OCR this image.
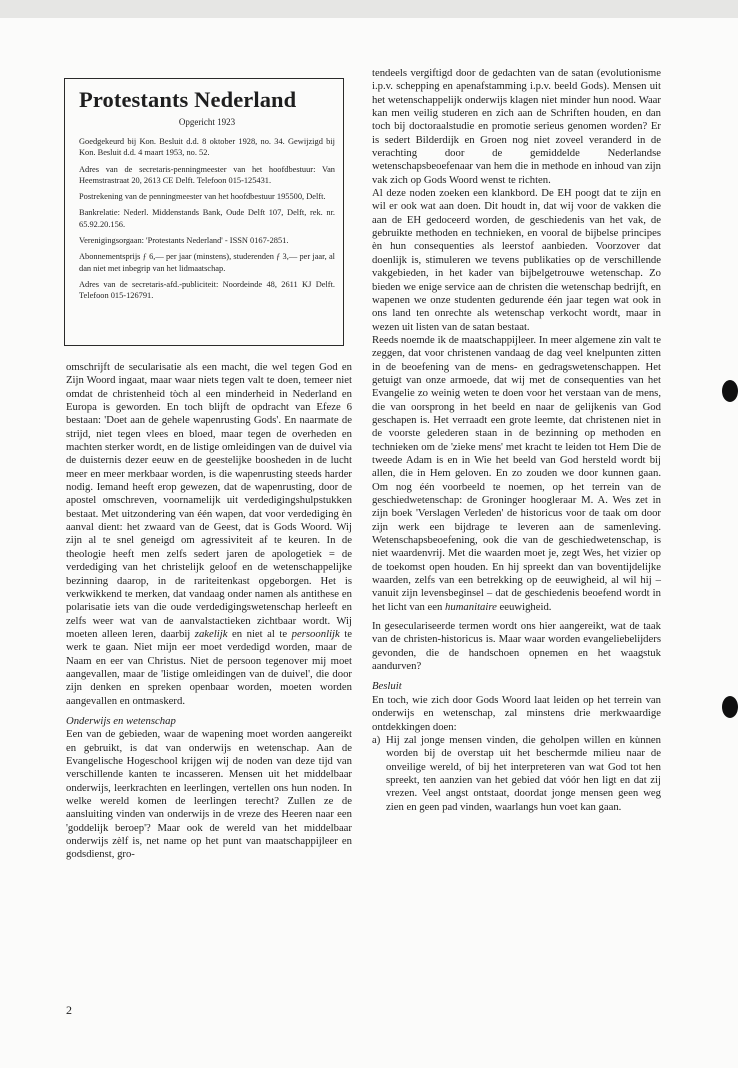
Protestants Nederland
Opgericht 1923

Goedgekeurd bij Kon. Besluit d.d. 8 oktober 1928, no. 34. Gewijzigd bij Kon. Besluit d.d. 4 maart 1953, no. 52.

Adres van de secretaris-penningmeester van het hoofdbestuur: Van Heemstrastraat 20, 2613 CE Delft. Telefoon 015-125431.

Postrekening van de penningmeester van het hoofdbestuur 195500, Delft.

Bankrelatie: Nederl. Middenstands Bank, Oude Delft 107, Delft, rek. nr. 65.92.20.156.

Verenigingsorgaan: 'Protestants Nederland' - ISSN 0167-2851.

Abonnementsprijs ƒ 6,— per jaar (minstens), studerenden ƒ 3,— per jaar, al dan niet met inbegrip van het lidmaatschap.

Adres van de secretaris-afd.-publiciteit: Noordeinde 48, 2611 KJ Delft. Telefoon 015-126791.

omschrijft de secularisatie als een macht, die wel tegen God en Zijn Woord ingaat, maar waar niets tegen valt te doen, temeer niet omdat de christenheid tòch al een minderheid in Nederland en Europa is geworden. En toch blijft de opdracht van Efeze 6 bestaan: 'Doet aan de gehele wapenrusting Gods'. En naarmate de strijd, niet tegen vlees en bloed, maar tegen de overheden en machten sterker wordt, en de listige omleidingen van de duivel via de duisternis dezer eeuw en de geestelijke boosheden in de lucht meer en meer merkbaar worden, is die wapenrusting steeds harder nodig. Iemand heeft erop gewezen, dat de wapenrusting, door de apostel omschreven, voornamelijk uit verdedigingshulpstukken bestaat. Met uitzondering van één wapen, dat voor verdediging èn aanval dient: het zwaard van de Geest, dat is Gods Woord. Wij zijn al te snel geneigd om agressiviteit af te keuren. In de theologie heeft men zelfs sedert jaren de apologetiek = de verdediging van het christelijk geloof en de wetenschappelijke bezinning daarop, in de rariteitenkast opgeborgen. Het is verkwikkend te merken, dat vandaag onder namen als antithese en polarisatie iets van die oude verdedigingswetenschap herleeft en zelfs weer wat van de aanvalstactieken zichtbaar wordt. Wij moeten alleen leren, daarbij zakelijk en niet al te persoonlijk te werk te gaan. Niet mijn eer moet verdedigd worden, maar de Naam en eer van Christus. Niet de persoon tegenover mij moet aangevallen, maar de 'listige omleidingen van de duivel', die door zijn denken en spreken openbaar worden, moeten worden aangevallen en ontmaskerd.

Onderwijs en wetenschap

Een van de gebieden, waar de wapening moet worden aangereikt en gebruikt, is dat van onderwijs en wetenschap. Aan de Evangelische Hogeschool krijgen wij de noden van deze tijd van verschillende kanten te incasseren. Mensen uit het middelbaar onderwijs, leerkrachten en leerlingen, vertellen ons hun noden. In welke wereld komen de leerlingen terecht? Zullen ze de aansluiting vinden van onderwijs in de vreze des Heeren naar een 'goddelijk beroep'? Maar ook de wereld van het middelbaar onderwijs zèlf is, net name op het punt van maatschappijleer en godsdienst, gro-

tendeels vergiftigd door de gedachten van de satan (evolutionisme i.p.v. schepping en apenafstamming i.p.v. beeld Gods). Mensen uit het wetenschappelijk onderwijs klagen niet minder hun nood. Waar kan men veilig studeren en zich aan de Schriften houden, en dan toch bij doctoraalstudie en promotie serieus genomen worden? Er is sedert Bilderdijk en Groen nog niet zoveel veranderd in de verachting door de gemiddelde Nederlandse wetenschapsbeoefenaar van hem die in methode en inhoud van zijn vak zich op Gods Woord wenst te richten.

Al deze noden zoeken een klankbord. De EH poogt dat te zijn en wil er ook wat aan doen. Dit houdt in, dat wij voor de vakken die aan de EH gedoceerd worden, de geschiedenis van het vak, de gebruikte methoden en technieken, en vooral de bijbelse principes èn hun consequenties als leerstof aanbieden. Voorzover dat doenlijk is, stimuleren we tevens publikaties op de verschillende vakgebieden, in het kader van bijbelgetrouwe wetenschap. Zo bieden we enige service aan de christen die wetenschap bedrijft, en wapenen we onze studenten gedurende één jaar tegen wat ook in ons land ten onrechte als wetenschap verkocht wordt, maar in wezen uit listen van de satan bestaat.

Reeds noemde ik de maatschappijleer. In meer algemene zin valt te zeggen, dat voor christenen vandaag de dag veel knelpunten zitten in de beoefening van de mens- en gedragswetenschappen. Het getuigt van onze armoede, dat wij met de consequenties van het Evangelie zo weinig weten te doen voor het verstaan van de mens, die van oorsprong in het beeld en naar de gelijkenis van God geschapen is. Het verraadt een grote leemte, dat christenen niet in de voorste gelederen staan in de bezinning op methoden en technieken om de 'zieke mens' met kracht te leiden tot Hem Die de tweede Adam is en in Wie het beeld van God hersteld wordt bij allen, die in Hem geloven. En zo zouden we door kunnen gaan. Om nog één voorbeeld te noemen, op het terrein van de geschiedwetenschap: de Groninger hoogleraar M. A. Wes zet in zijn boek 'Verslagen Verleden' de historicus voor de taak om door zijn werk een bijdrage te leveren aan de samenleving. Wetenschapsbeoefening, ook die van de geschiedwetenschap, is niet waardenvrij. Met die waarden moet je, zegt Wes, het vizier op de toekomst open houden. En hij spreekt dan van boventijdelijke waarden, zelfs van een betrekking op de eeuwigheid, al wil hij – vanuit zijn levensbeginsel – dat de geschiedenis beoefend wordt in het licht van een humanitaire eeuwigheid.

In geseculariseerde termen wordt ons hier aangereikt, wat de taak van de christen-historicus is. Maar waar worden evangeliebelijders gevonden, die de handschoen opnemen en het waagstuk aandurven?

Besluit

En toch, wie zich door Gods Woord laat leiden op het terrein van onderwijs en wetenschap, zal minstens drie merkwaardige ontdekkingen doen:

a) Hij zal jonge mensen vinden, die geholpen willen en kùnnen worden bij de overstap uit het beschermde milieu naar de onveilige wereld, of bij het interpreteren van wat God tot hen spreekt, ten aanzien van het gebied dat vóór hen ligt en dat zij vrezen. Veel angst ontstaat, doordat jonge mensen geen weg zien en geen pad vinden, waarlangs hun voet kan gaan.
2
